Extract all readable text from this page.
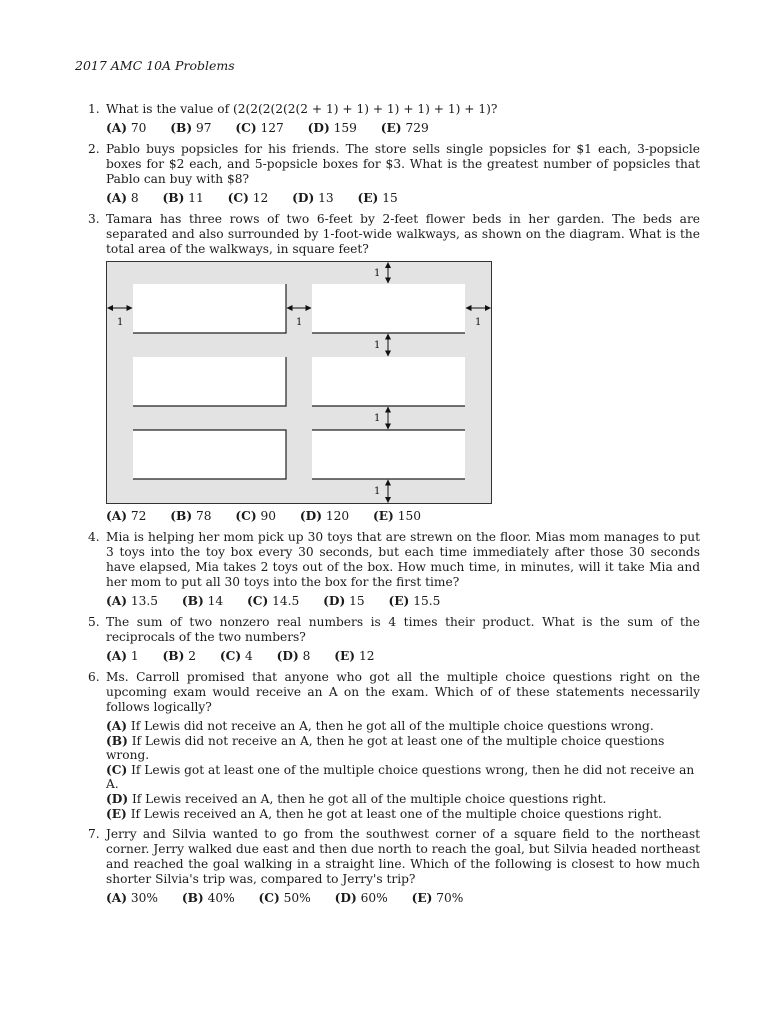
2017 AMC 10A Problems
1. What is the value of (2(2(2(2(2(2 + 1) + 1) + 1) + 1) + 1) + 1)?
(A) 70 (B) 97 (C) 127 (D) 159 (E) 729
2. Pablo buys popsicles for his friends. The store sells single popsicles for $1 each, 3-popsicle boxes for $2 each, and 5-popsicle boxes for $3. What is the greatest number of popsicles that Pablo can buy with $8?
(A) 8 (B) 11 (C) 12 (D) 13 (E) 15
3. Tamara has three rows of two 6-feet by 2-feet flower beds in her garden. The beds are separated and also surrounded by 1-foot-wide walkways, as shown on the diagram. What is the total area of the walkways, in square feet?
1
1
1
1
1	1	1
(A) 72 (B) 78 (C) 90 (D) 120 (E) 150
4. Mia is helping her mom pick up 30 toys that are strewn on the floor. Mias mom manages to put 3 toys into the toy box every 30 seconds, but each time immediately after those 30 seconds have elapsed, Mia takes 2 toys out of the box. How much time, in minutes, will it take Mia and her mom to put all 30 toys into the box for the first time?
(A) 13.5 (B) 14 (C) 14.5 (D) 15 (E) 15.5
5. The sum of two nonzero real numbers is 4 times their product. What is the sum of the reciprocals of the two numbers?
(A) 1 (B) 2 (C) 4 (D) 8 (E) 12
6. Ms. Carroll promised that anyone who got all the multiple choice questions right on the upcoming exam would receive an A on the exam. Which of of these statements necessarily follows logically?
(A) If Lewis did not receive an A, then he got all of the multiple choice questions wrong.
(B) If Lewis did not receive an A, then he got at least one of the multiple choice questions wrong.
(C) If Lewis got at least one of the multiple choice questions wrong, then he did not receive an A.
(D) If Lewis received an A, then he got all of the multiple choice questions right.
(E) If Lewis received an A, then he got at least one of the multiple choice questions right.
7. Jerry and Silvia wanted to go from the southwest corner of a square field to the northeast corner. Jerry walked due east and then due north to reach the goal, but Silvia headed northeast and reached the goal walking in a straight line. Which of the following is closest to how much shorter Silvia's trip was, compared to Jerry's trip?
(A) 30% (B) 40% (C) 50% (D) 60% (E) 70%
